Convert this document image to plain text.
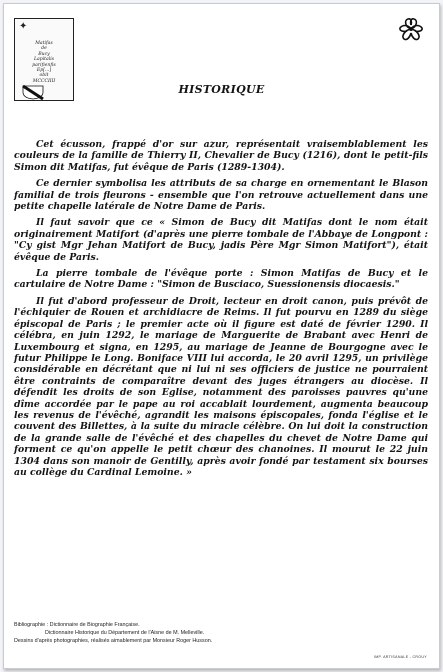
Matifas
de
Bucy
Lapitalis
parifienfis
Ep[...]
obit
MCCCIIII
✦
HISTORIQUE

Cet écusson, frappé d'or sur azur, représentait vraisemblablement les couleurs de la famille de Thierry II, Chevalier de Bucy (1216), dont le petit-fils Simon dit Matifas, fut évêque de Paris (1289-1304).

Ce dernier symbolisa les attributs de sa charge en ornementant le Blason familial de trois fleurons - ensemble que l'on retrouve actuellement dans une petite chapelle latérale de Notre Dame de Paris.

Il faut savoir que ce « Simon de Bucy dit Matifas dont le nom était originairement Matifort (d'après une pierre tombale de l'Abbaye de Longpont : "Cy gist Mgr Jehan Matifort de Bucy, jadis Père Mgr Simon Matifort"), était évêque de Paris.

La pierre tombale de l'évêque porte : Simon Matifas de Bucy et le cartulaire de Notre Dame : "Simon de Busciaco, Suessionensis diocaesis."

Il fut d'abord professeur de Droit, lecteur en droit canon, puis prévôt de l'échiquier de Rouen et archidiacre de Reims. Il fut pourvu en 1289 du siège épiscopal de Paris ; le premier acte où il figure est daté de février 1290. Il célébra, en juin 1292, le mariage de Marguerite de Brabant avec Henri de Luxembourg et signa, en 1295, au mariage de Jeanne de Bourgogne avec le futur Philippe le Long. Boniface VIII lui accorda, le 20 avril 1295, un privilège considérable en décrétant que ni lui ni ses officiers de justice ne pourraient être contraints de comparaître devant des juges étrangers au diocèse. Il défendit les droits de son Eglise, notamment des paroisses pauvres qu'une dîme accordée par le pape au roi accablait lourdement, augmenta beaucoup les revenus de l'évêché, agrandit les maisons épiscopales, fonda l'église et le couvent des Billettes, à la suite du miracle célèbre. On lui doit la construction de la grande salle de l'évêché et des chapelles du chevet de Notre Dame qui forment ce qu'on appelle le petit chœur des chanoines. Il mourut le 22 juin 1304 dans son manoir de Gentilly, après avoir fondé par testament six bourses au collège du Cardinal Lemoine. »

Bibliographie : Dictionnaire de Biographie Française.
Dictionnaire Historique du Département de l'Aisne de M. Melleville.
Dessins d'après photographies, réalisés aimablement par Monsieur Roger Husson.
IMP. ARTISANALE - CROUY
